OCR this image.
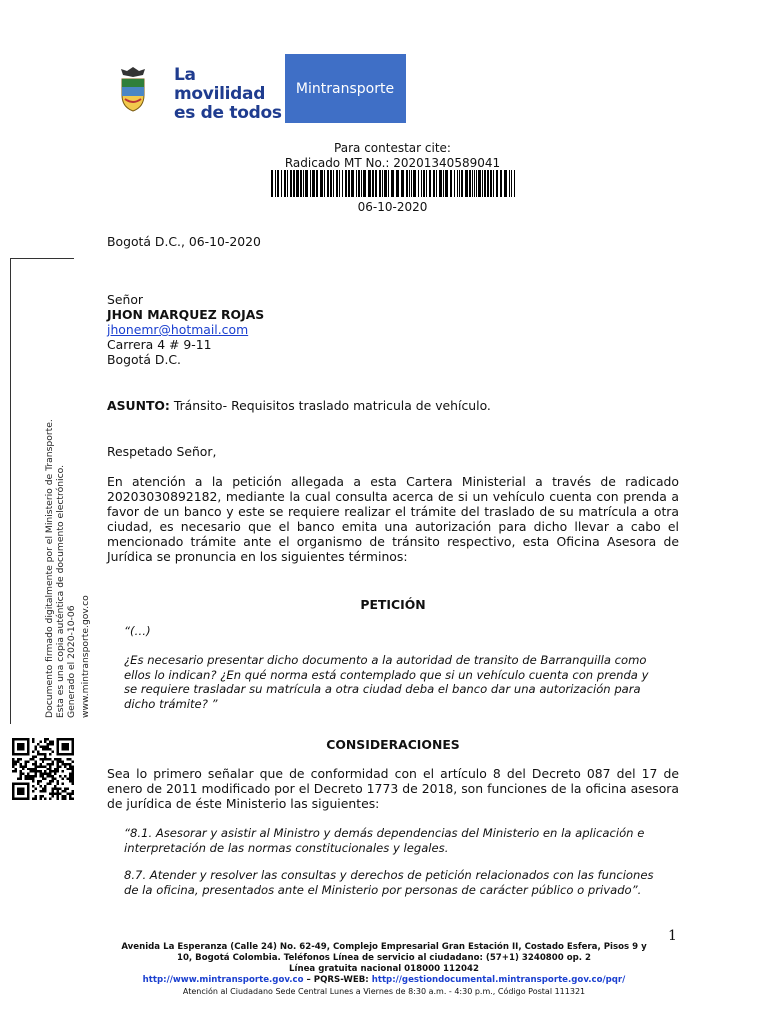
La movilidad
es de todos
Mintransporte
Para contestar cite:
Radicado MT No.: 20201340589041
06-10-2020
Bogotá D.C., 06-10-2020
Señor
JHON MARQUEZ ROJAS
jhonemr@hotmail.com
Carrera 4 # 9-11
Bogotá D.C.
ASUNTO: Tránsito- Requisitos traslado matricula de vehículo.
Respetado Señor,
En atención a la petición allegada a esta Cartera Ministerial a través de radicado 20203030892182, mediante la cual consulta acerca de si un vehículo cuenta con prenda a favor de un banco y este se requiere realizar el trámite del traslado de su matrícula a otra ciudad, es necesario que el banco emita una autorización para dicho llevar a cabo el mencionado trámite ante el organismo de tránsito respectivo, esta Oficina Asesora de Jurídica se pronuncia en los siguientes términos:
PETICIÓN
“(…)
¿Es necesario presentar dicho documento a la autoridad de transito de Barranquilla como ellos lo indican? ¿En qué norma está contemplado que si un vehículo cuenta con prenda y se requiere trasladar su matrícula a otra ciudad deba el banco dar una autorización para dicho trámite? ”
CONSIDERACIONES
Sea lo primero señalar que de conformidad con el artículo 8 del Decreto 087 del 17 de enero de 2011 modificado por el Decreto 1773 de 2018, son funciones de la oficina asesora de jurídica de éste Ministerio las siguientes:
“8.1. Asesorar y asistir al Ministro y demás dependencias del Ministerio en la aplicación e interpretación de las normas constitucionales y legales.
8.7. Atender y resolver las consultas y derechos de petición relacionados con las funciones de la oficina, presentados ante el Ministerio por personas de carácter público o privado”.
Documento firmado digitalmente por el Ministerio de Transporte. Esta es una copia auténtica de documento electrónico. Generado el 2020-10-06 www.mintransporte.gov.co
1
Avenida La Esperanza (Calle 24) No. 62-49, Complejo Empresarial Gran Estación II, Costado Esfera, Pisos 9 y
10, Bogotá Colombia. Teléfonos Línea de servicio al ciudadano: (57+1) 3240800 op. 2
Línea gratuita nacional 018000 112042
http://www.mintransporte.gov.co – PQRS-WEB: http://gestiondocumental.mintransporte.gov.co/pqr/
Atención al Ciudadano Sede Central Lunes a Viernes de 8:30 a.m. - 4:30 p.m., Código Postal 111321
